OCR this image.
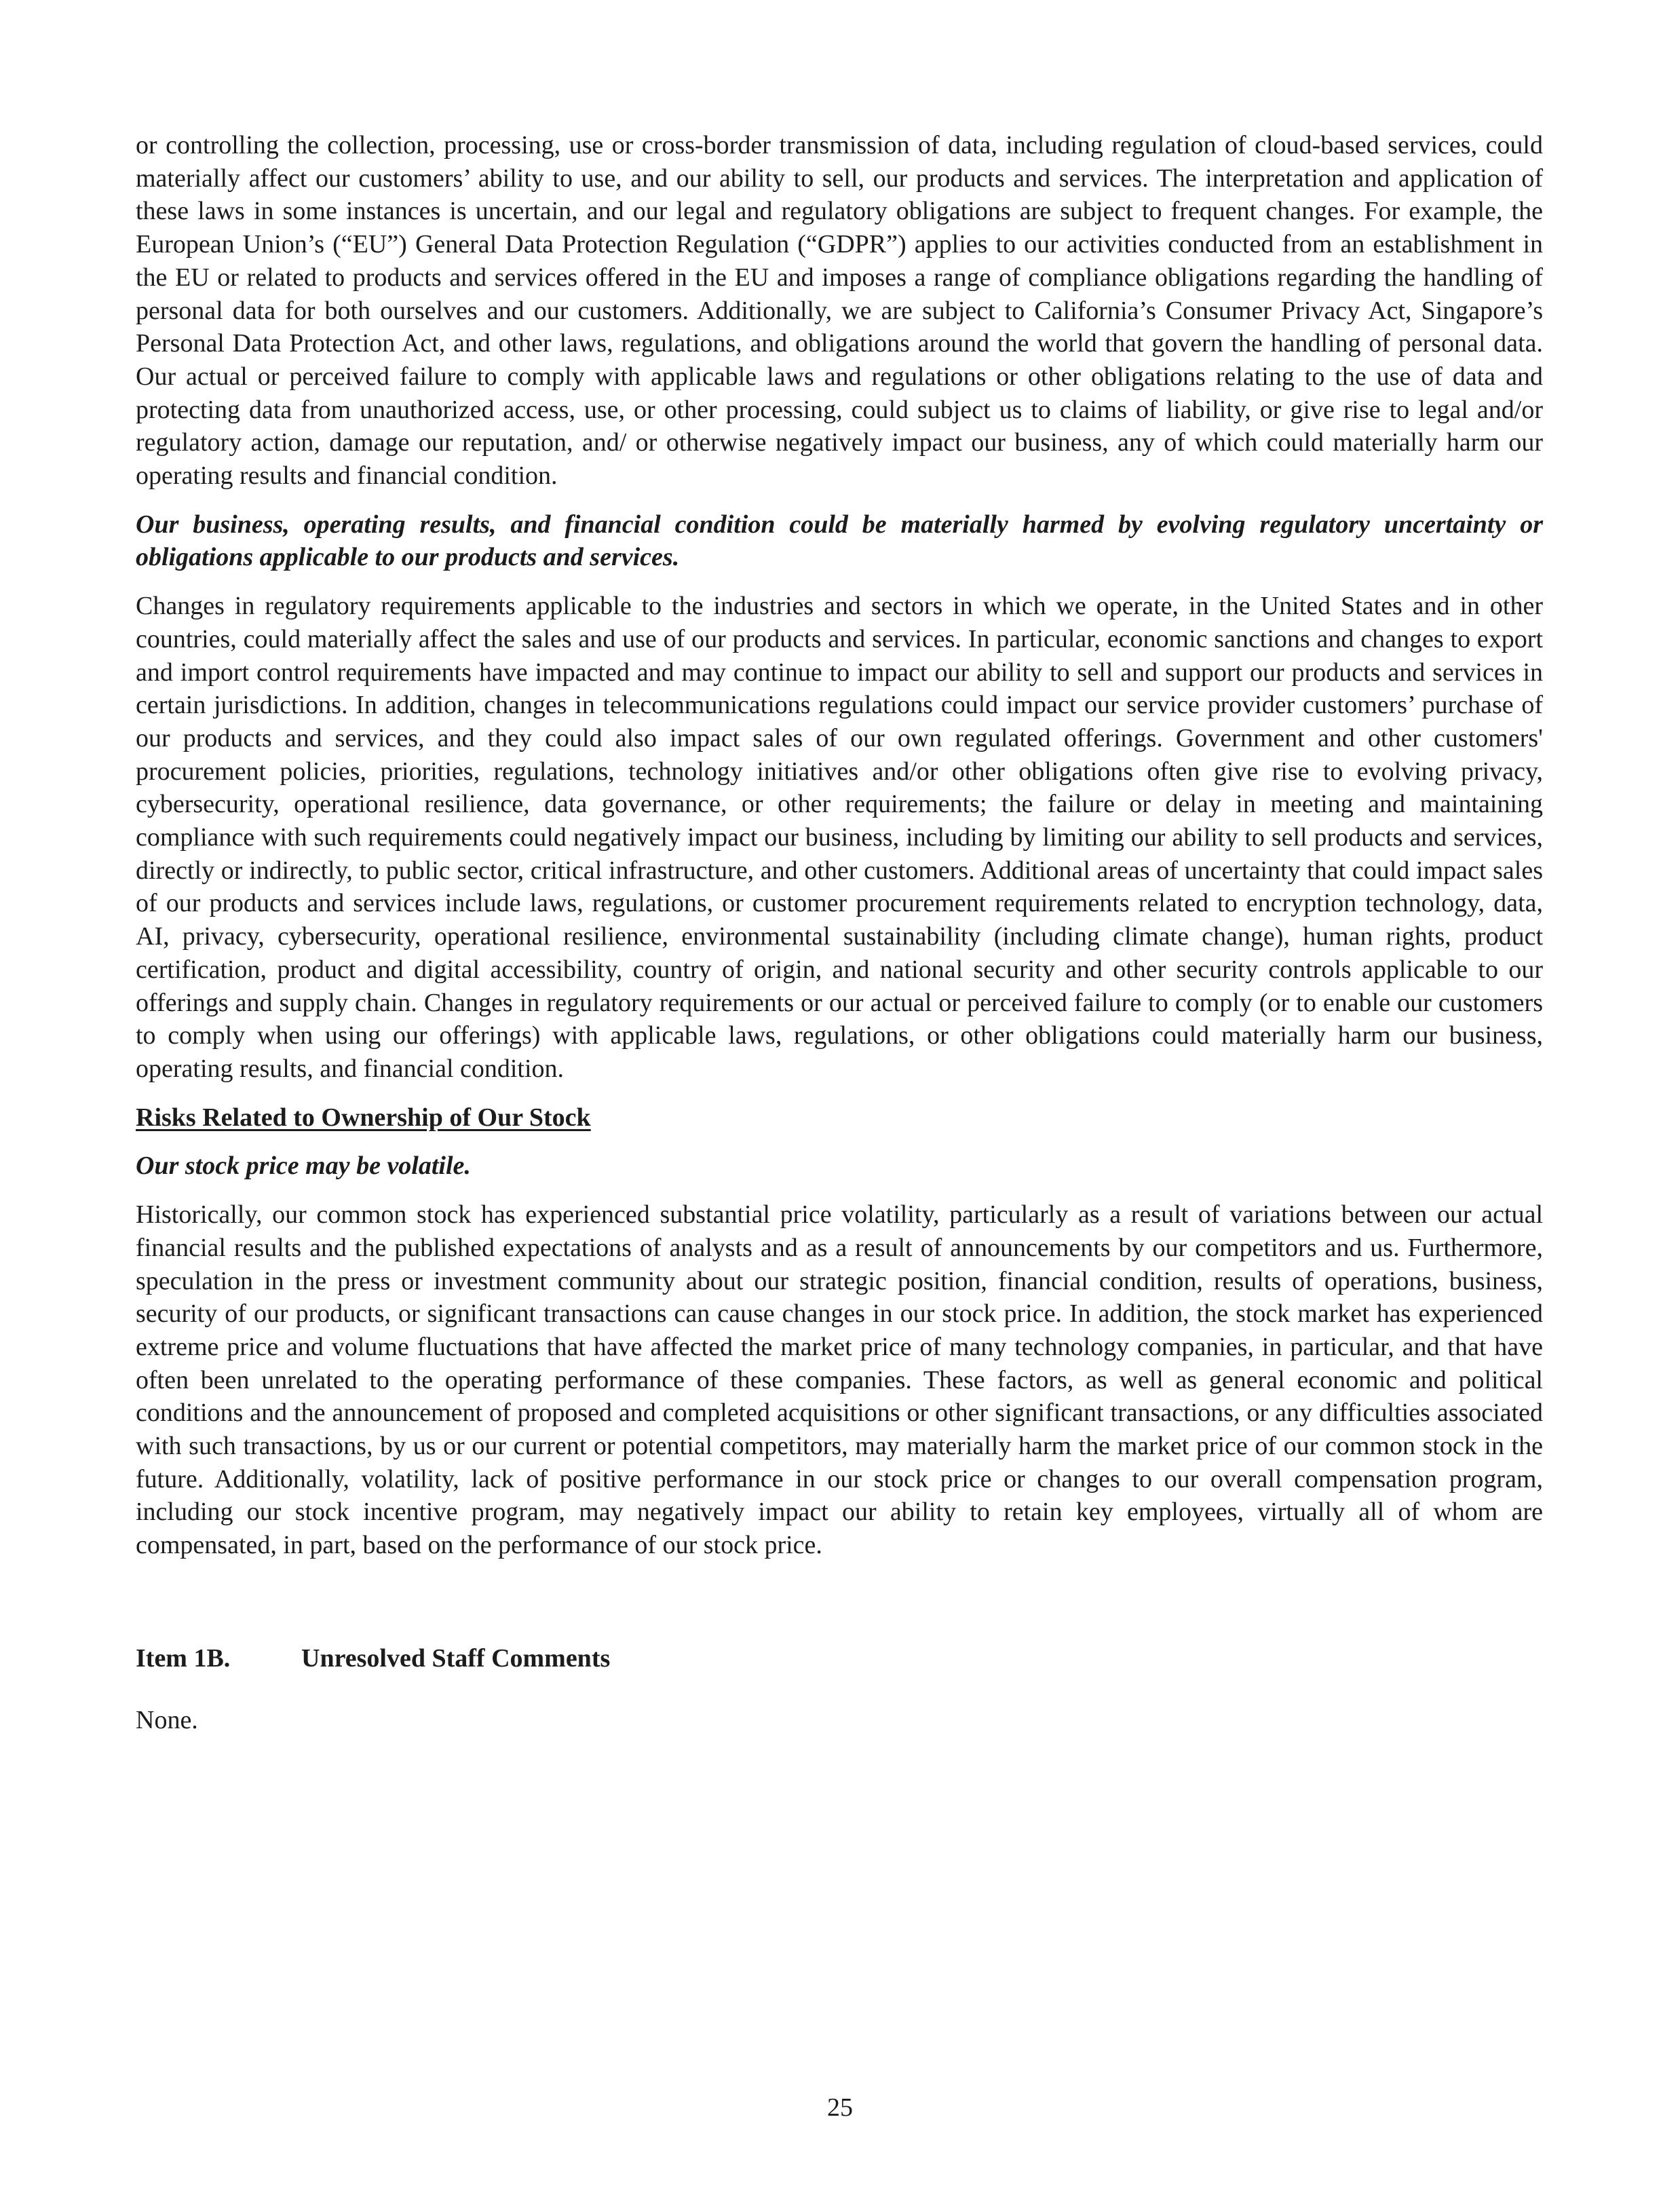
or controlling the collection, processing, use or cross-border transmission of data, including regulation of cloud-based services, could materially affect our customers’ ability to use, and our ability to sell, our products and services. The interpretation and application of these laws in some instances is uncertain, and our legal and regulatory obligations are subject to frequent changes. For example, the European Union’s (“EU”) General Data Protection Regulation (“GDPR”) applies to our activities conducted from an establishment in the EU or related to products and services offered in the EU and imposes a range of compliance obligations regarding the handling of personal data for both ourselves and our customers. Additionally, we are subject to California’s Consumer Privacy Act, Singapore’s Personal Data Protection Act, and other laws, regulations, and obligations around the world that govern the handling of personal data. Our actual or perceived failure to comply with applicable laws and regulations or other obligations relating to the use of data and protecting data from unauthorized access, use, or other processing, could subject us to claims of liability, or give rise to legal and/or regulatory action, damage our reputation, and/ or otherwise negatively impact our business, any of which could materially harm our operating results and financial condition.

Our business, operating results, and financial condition could be materially harmed by evolving regulatory uncertainty or obligations applicable to our products and services.

Changes in regulatory requirements applicable to the industries and sectors in which we operate, in the United States and in other countries, could materially affect the sales and use of our products and services. In particular, economic sanctions and changes to export and import control requirements have impacted and may continue to impact our ability to sell and support our products and services in certain jurisdictions. In addition, changes in telecommunications regulations could impact our service provider customers’ purchase of our products and services, and they could also impact sales of our own regulated offerings. Government and other customers' procurement policies, priorities, regulations, technology initiatives and/or other obligations often give rise to evolving privacy, cybersecurity, operational resilience, data governance, or other requirements; the failure or delay in meeting and maintaining compliance with such requirements could negatively impact our business, including by limiting our ability to sell products and services, directly or indirectly, to public sector, critical infrastructure, and other customers. Additional areas of uncertainty that could impact sales of our products and services include laws, regulations, or customer procurement requirements related to encryption technology, data, AI, privacy, cybersecurity, operational resilience, environmental sustainability (including climate change), human rights, product certification, product and digital accessibility, country of origin, and national security and other security controls applicable to our offerings and supply chain. Changes in regulatory requirements or our actual or perceived failure to comply (or to enable our customers to comply when using our offerings) with applicable laws, regulations, or other obligations could materially harm our business, operating results, and financial condition.

Risks Related to Ownership of Our Stock

Our stock price may be volatile.

Historically, our common stock has experienced substantial price volatility, particularly as a result of variations between our actual financial results and the published expectations of analysts and as a result of announcements by our competitors and us. Furthermore, speculation in the press or investment community about our strategic position, financial condition, results of operations, business, security of our products, or significant transactions can cause changes in our stock price. In addition, the stock market has experienced extreme price and volume fluctuations that have affected the market price of many technology companies, in particular, and that have often been unrelated to the operating performance of these companies. These factors, as well as general economic and political conditions and the announcement of proposed and completed acquisitions or other significant transactions, or any difficulties associated with such transactions, by us or our current or potential competitors, may materially harm the market price of our common stock in the future. Additionally, volatility, lack of positive performance in our stock price or changes to our overall compensation program, including our stock incentive program, may negatively impact our ability to retain key employees, virtually all of whom are compensated, in part, based on the performance of our stock price.

Item 1B.	Unresolved Staff Comments

None.

25
